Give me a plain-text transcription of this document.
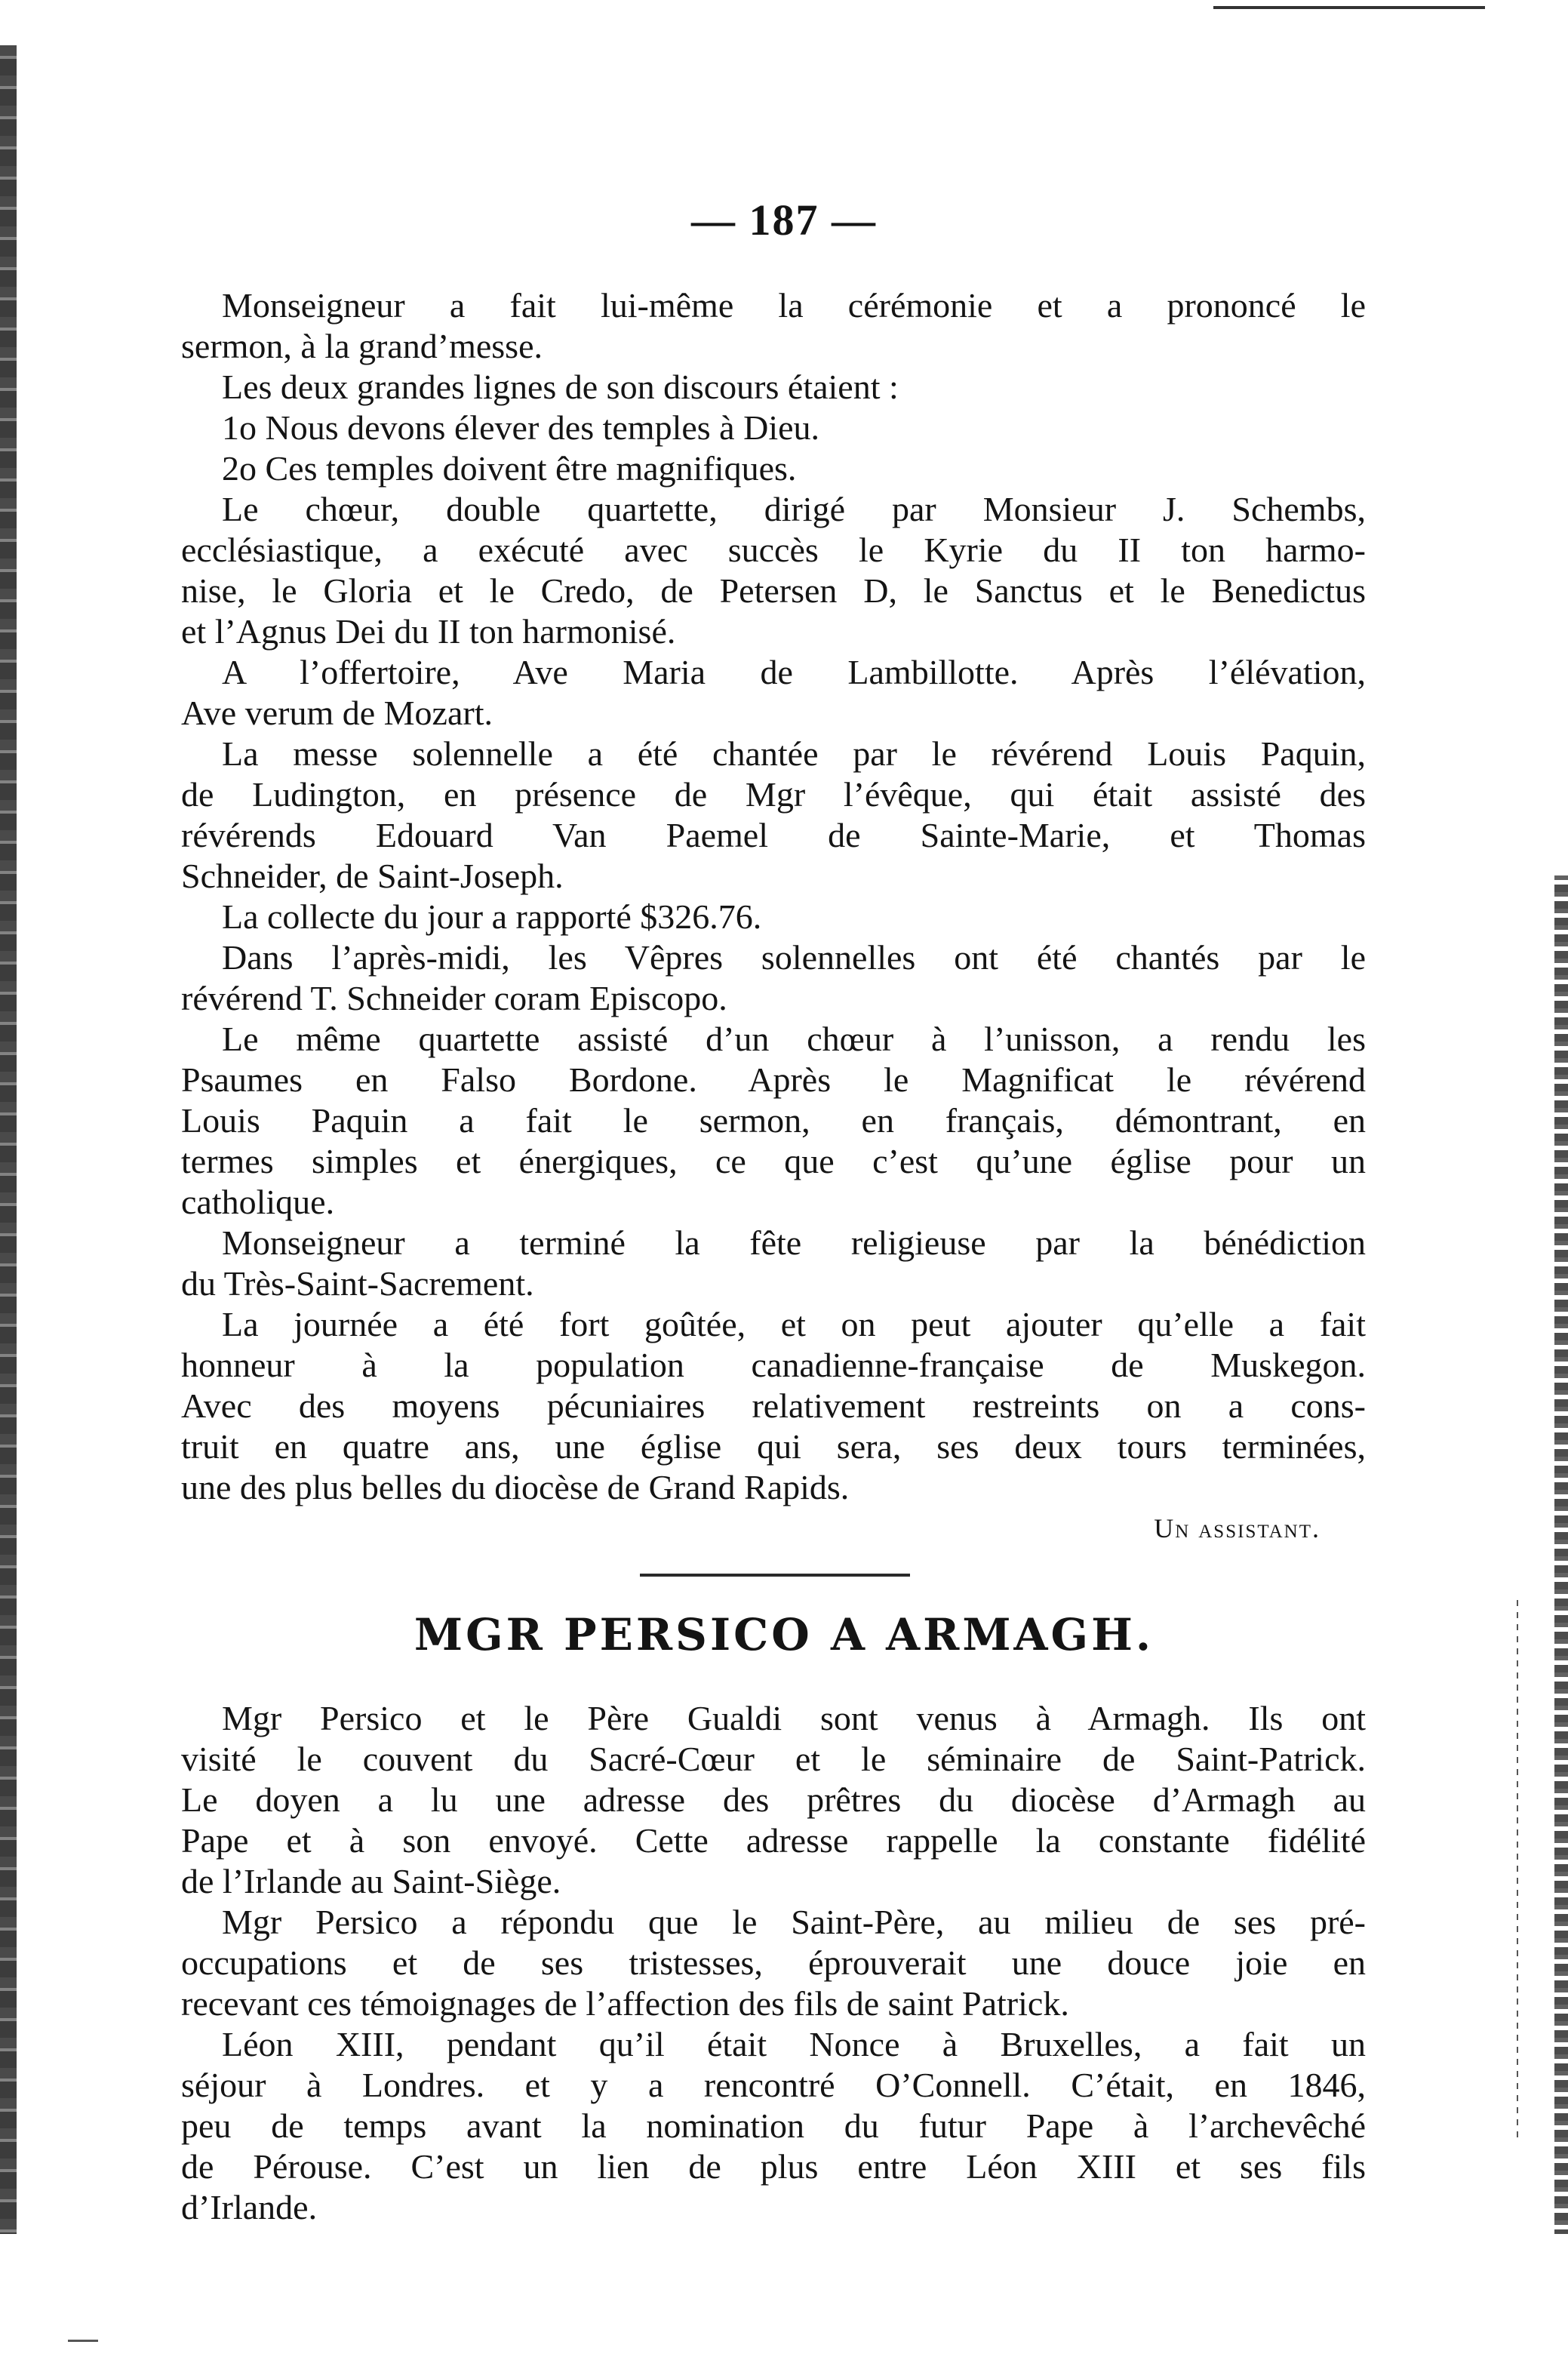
— 187 —
Monseigneur a fait lui-même la cérémonie et a prononcé le
sermon, à la grand’messe.
Les deux grandes lignes de son discours étaient :
1o Nous devons élever des temples à Dieu.
2o Ces temples doivent être magnifiques.
Le chœur, double quartette, dirigé par Monsieur J. Schembs,
ecclésiastique, a exécuté avec succès le Kyrie du II ton harmo-
nise, le Gloria et le Credo, de Petersen D, le Sanctus et le Benedictus
et l’Agnus Dei du II ton harmonisé.
A l’offertoire, Ave Maria de Lambillotte. Après l’élévation,
Ave verum de Mozart.
La messe solennelle a été chantée par le révérend Louis Paquin,
de Ludington, en présence de Mgr l’évêque, qui était assisté des
révérends Edouard Van Paemel de Sainte-Marie, et Thomas
Schneider, de Saint-Joseph.
La collecte du jour a rapporté $326.76.
Dans l’après-midi, les Vêpres solennelles ont été chantés par le
révérend T. Schneider coram Episcopo.
Le même quartette assisté d’un chœur à l’unisson, a rendu les
Psaumes en Falso Bordone. Après le Magnificat le révérend
Louis Paquin a fait le sermon, en français, démontrant, en
termes simples et énergiques, ce que c’est qu’une église pour un
catholique.
Monseigneur a terminé la fête religieuse par la bénédiction
du Très-Saint-Sacrement.
La journée a été fort goûtée, et on peut ajouter qu’elle a fait
honneur à la population canadienne-française de Muskegon.
Avec des moyens pécuniaires relativement restreints on a cons-
truit en quatre ans, une église qui sera, ses deux tours terminées,
une des plus belles du diocèse de Grand Rapids.
Un assistant.
MGR PERSICO A ARMAGH.
Mgr Persico et le Père Gualdi sont venus à Armagh. Ils ont
visité le couvent du Sacré-Cœur et le séminaire de Saint-Patrick.
Le doyen a lu une adresse des prêtres du diocèse d’Armagh au
Pape et à son envoyé. Cette adresse rappelle la constante fidélité
de l’Irlande au Saint-Siège.
Mgr Persico a répondu que le Saint-Père, au milieu de ses pré-
occupations et de ses tristesses, éprouverait une douce joie en
recevant ces témoignages de l’affection des fils de saint Patrick.
Léon XIII, pendant qu’il était Nonce à Bruxelles, a fait un
séjour à Londres. et y a rencontré O’Connell. C’était, en 1846,
peu de temps avant la nomination du futur Pape à l’archevêché
de Pérouse. C’est un lien de plus entre Léon XIII et ses fils
d’Irlande.
